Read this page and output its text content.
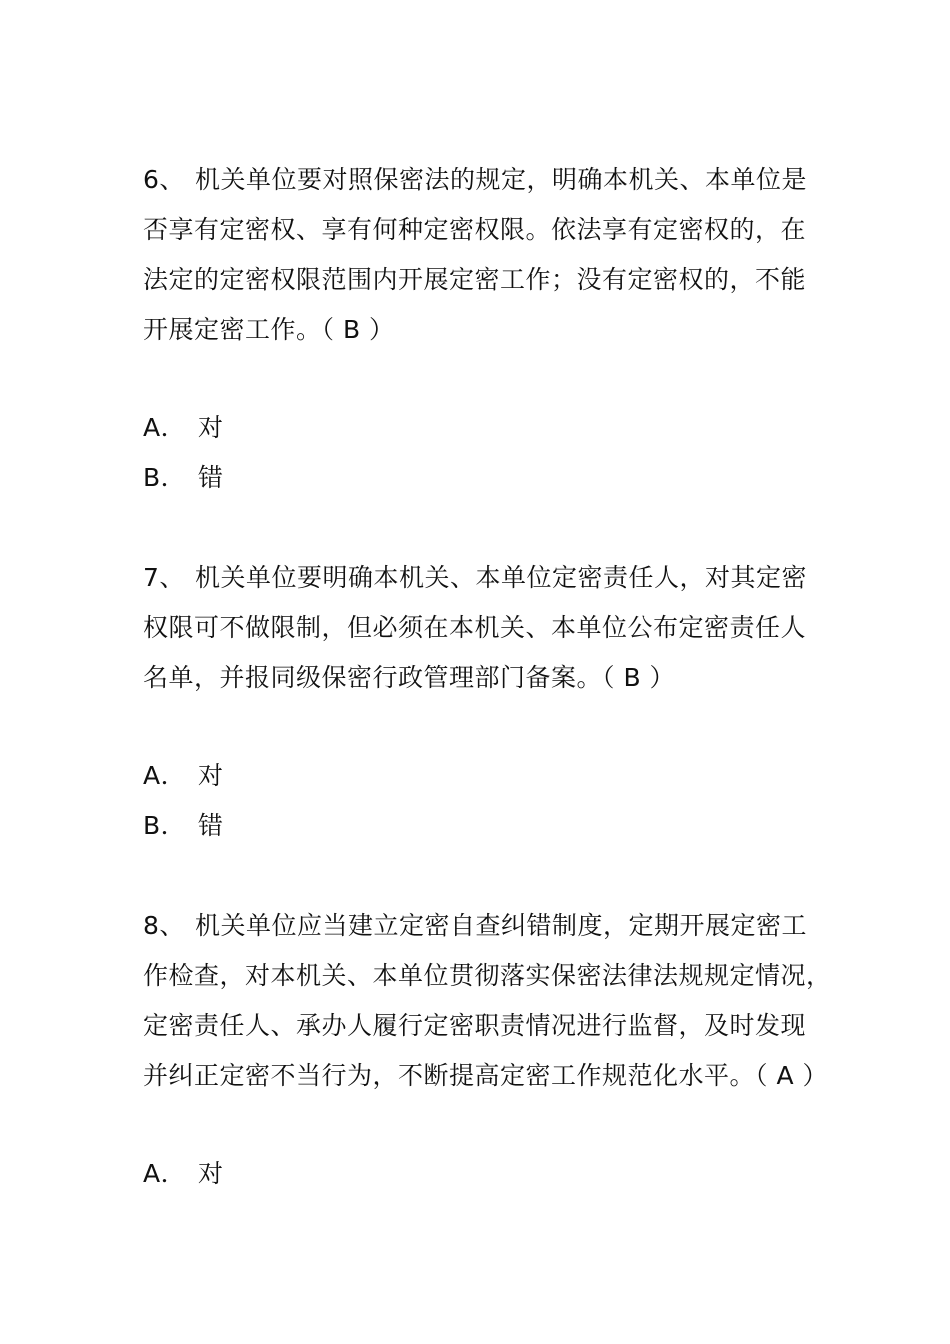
6、 机关单位要对照保密法的规定，明确本机关、本单位是
否享有定密权、享有何种定密权限。依法享有定密权的，在
法定的定密权限范围内开展定密工作；没有定密权的，不能
开展定密工作。（ B ）
A． 对
B． 错
7、 机关单位要明确本机关、本单位定密责任人，对其定密
权限可不做限制，但必须在本机关、本单位公布定密责任人
名单，并报同级保密行政管理部门备案。（ B ）
A． 对
B． 错
8、 机关单位应当建立定密自查纠错制度，定期开展定密工
作检查，对本机关、本单位贯彻落实保密法律法规规定情况，
定密责任人、承办人履行定密职责情况进行监督，及时发现
并纠正定密不当行为，不断提高定密工作规范化水平。（ A ）
A． 对
